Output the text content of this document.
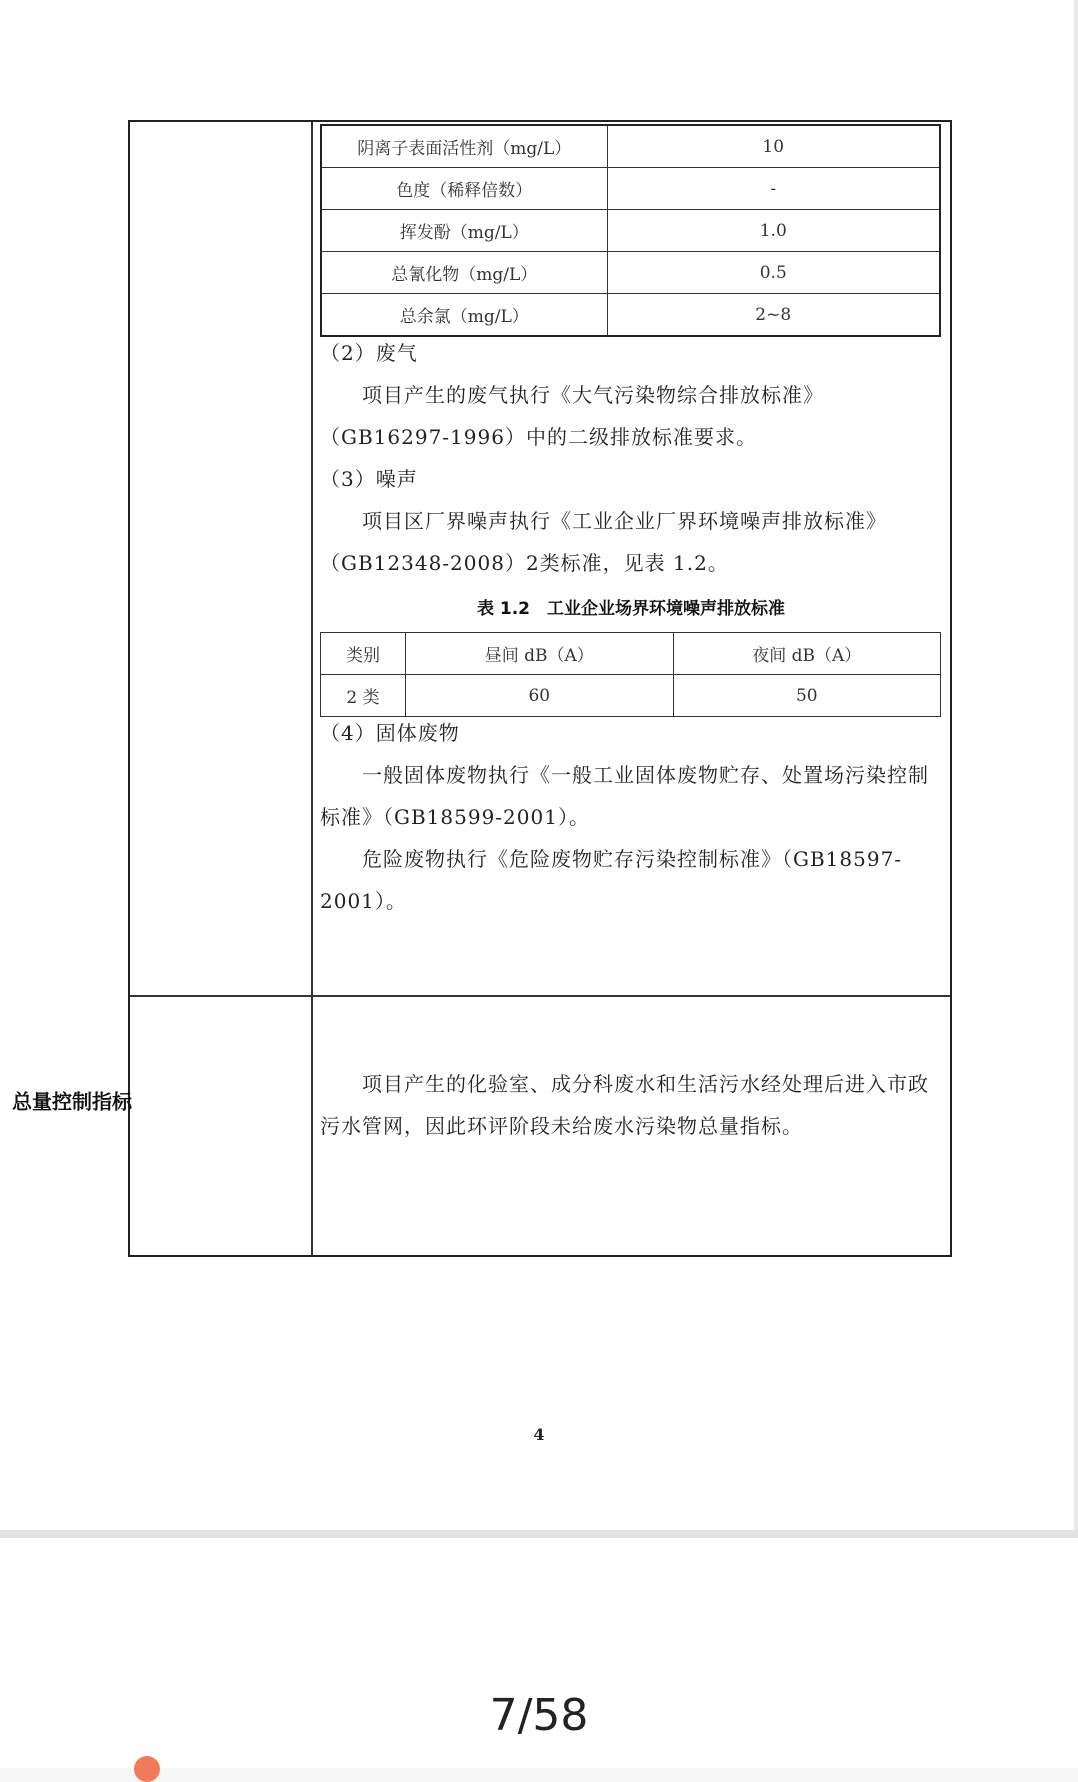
阴离子表面活性剂（mg/L）	10
色度（稀释倍数）	-
挥发酚（mg/L）	1.0
总氰化物（mg/L）	0.5
总余氯（mg/L）	2~8
（2）废气
项目产生的废气执行《大气污染物综合排放标准》（GB16297-1996）中的二级排放标准要求。
（3）噪声
项目区厂界噪声执行《工业企业厂界环境噪声排放标准》（GB12348-2008）2类标准，见表 1.2。
表 1.2　工业企业场界环境噪声排放标准
类别	昼间 dB（A）	夜间 dB（A）
2 类	60	50
（4）固体废物
一般固体废物执行《一般工业固体废物贮存、处置场污染控制标准》（GB18599-2001）。
危险废物执行《危险废物贮存污染控制标准》（GB18597-2001）。
总量控制指标
项目产生的化验室、成分科废水和生活污水经处理后进入市政污水管网，因此环评阶段未给废水污染物总量指标。
4
7/58
